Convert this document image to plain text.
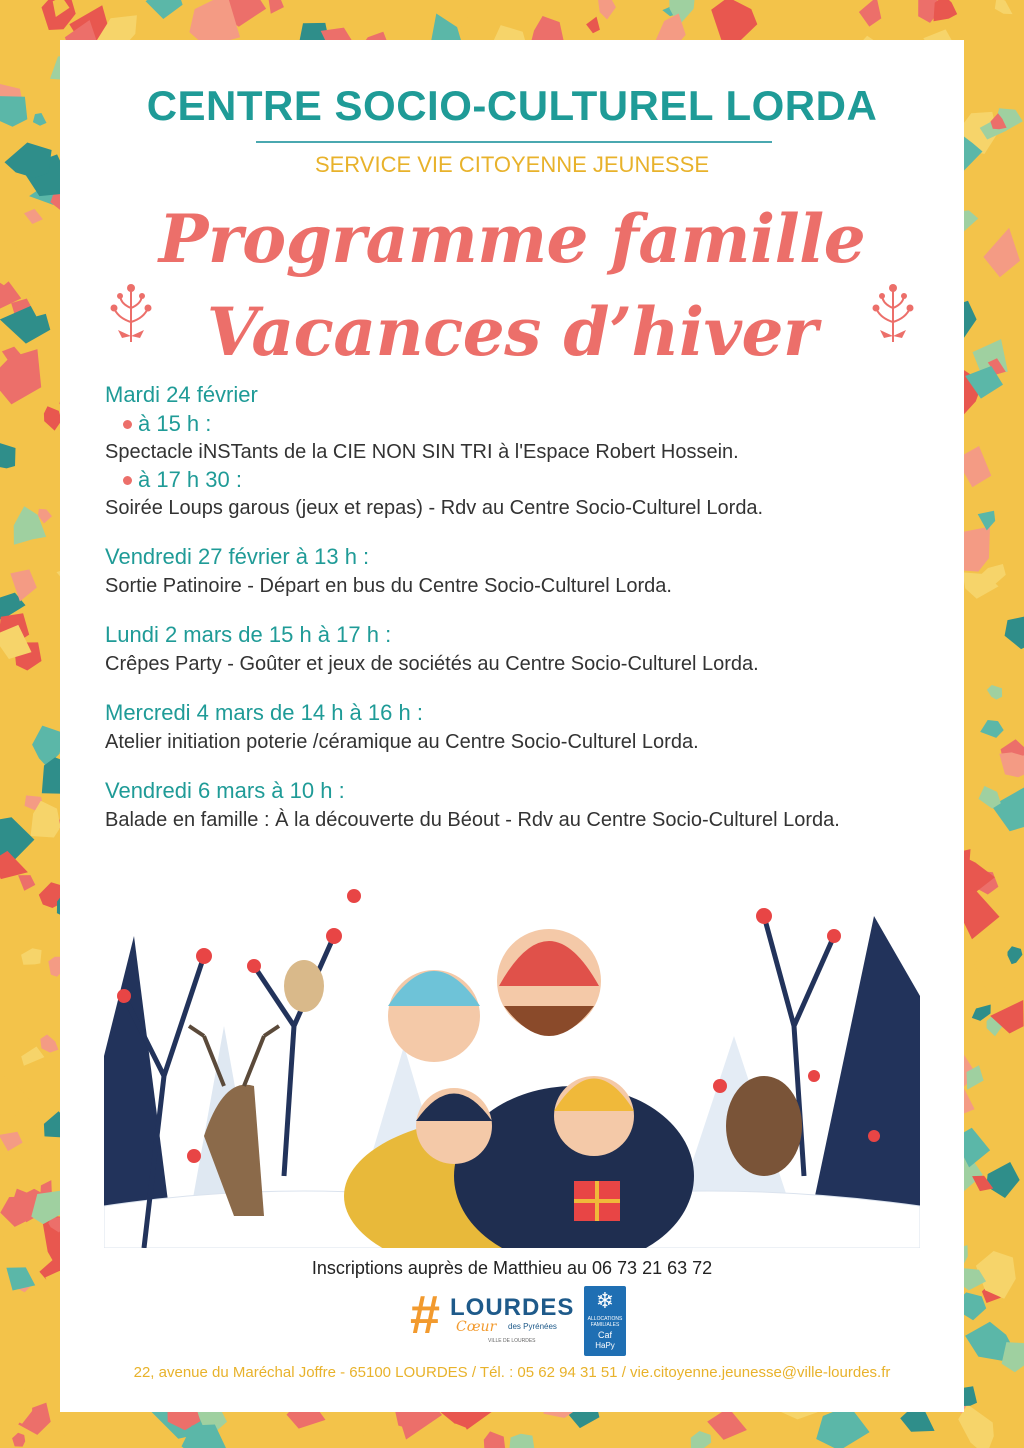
CENTRE SOCIO-CULTUREL LORDA
SERVICE VIE CITOYENNE JEUNESSE
Programme famille
Vacances d’hiver
Mardi 24 février
à 15 h :
Spectacle iNSTants de la CIE NON SIN TRI à l'Espace Robert Hossein.
à 17 h 30 :
Soirée Loups garous (jeux et repas) - Rdv au Centre Socio-Culturel Lorda.
Vendredi 27 février à 13 h :
Sortie Patinoire - Départ en bus du Centre Socio-Culturel Lorda.
Lundi 2 mars de 15 h à 17 h :
Crêpes Party - Goûter et jeux de sociétés au Centre Socio-Culturel Lorda.
Mercredi 4 mars de 14 h à 16 h :
Atelier initiation poterie /céramique au Centre Socio-Culturel Lorda.
Vendredi 6 mars à 10 h :
Balade en famille : À la découverte du Béout - Rdv au Centre Socio-Culturel Lorda.
Inscriptions auprès de Matthieu au 06 73 21 63 72
# LOURDES
Cœur des Pyrénées
VILLE DE LOURDES
❄
ALLOCATIONS FAMILIALES
Caf
HaPy
22, avenue du Maréchal Joffre - 65100 LOURDES / Tél. : 05 62 94 31 51 / vie.citoyenne.jeunesse@ville-lourdes.fr
